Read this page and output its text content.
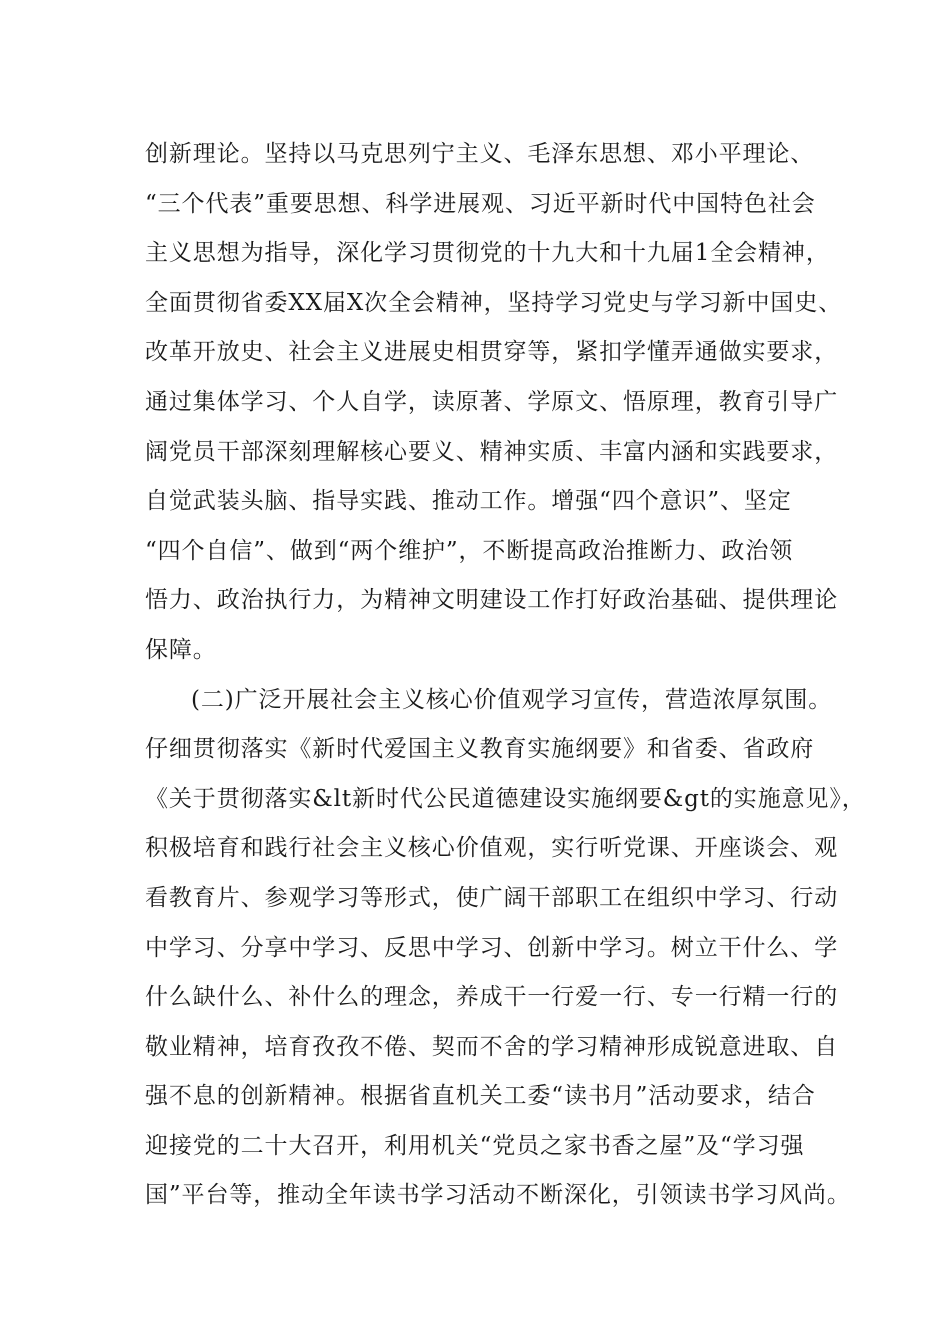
创新理论。坚持以马克思列宁主义、毛泽东思想、邓小平理论、
“三个代表”重要思想、科学进展观、习近平新时代中国特色社会
主义思想为指导，深化学习贯彻党的十九大和十九届1全会精神，
全面贯彻省委XX届X次全会精神，坚持学习党史与学习新中国史、
改革开放史、社会主义进展史相贯穿等，紧扣学懂弄通做实要求，
通过集体学习、个人自学，读原著、学原文、悟原理，教育引导广
阔党员干部深刻理解核心要义、精神实质、丰富内涵和实践要求，
自觉武装头脑、指导实践、推动工作。增强“四个意识”、坚定
“四个自信”、做到“两个维护”，不断提高政治推断力、政治领
悟力、政治执行力，为精神文明建设工作打好政治基础、提供理论
保障。
(二)广泛开展社会主义核心价值观学习宣传，营造浓厚氛围。
仔细贯彻落实《新时代爱国主义教育实施纲要》和省委、省政府
《关于贯彻落实&lt新时代公民道德建设实施纲要&gt的实施意见》，
积极培育和践行社会主义核心价值观，实行听党课、开座谈会、观
看教育片、参观学习等形式，使广阔干部职工在组织中学习、行动
中学习、分享中学习、反思中学习、创新中学习。树立干什么、学
什么缺什么、补什么的理念，养成干一行爱一行、专一行精一行的
敬业精神，培育孜孜不倦、契而不舍的学习精神形成锐意进取、自
强不息的创新精神。根据省直机关工委“读书月”活动要求，结合
迎接党的二十大召开，利用机关“党员之家书香之屋”及“学习强
国”平台等，推动全年读书学习活动不断深化，引领读书学习风尚。
